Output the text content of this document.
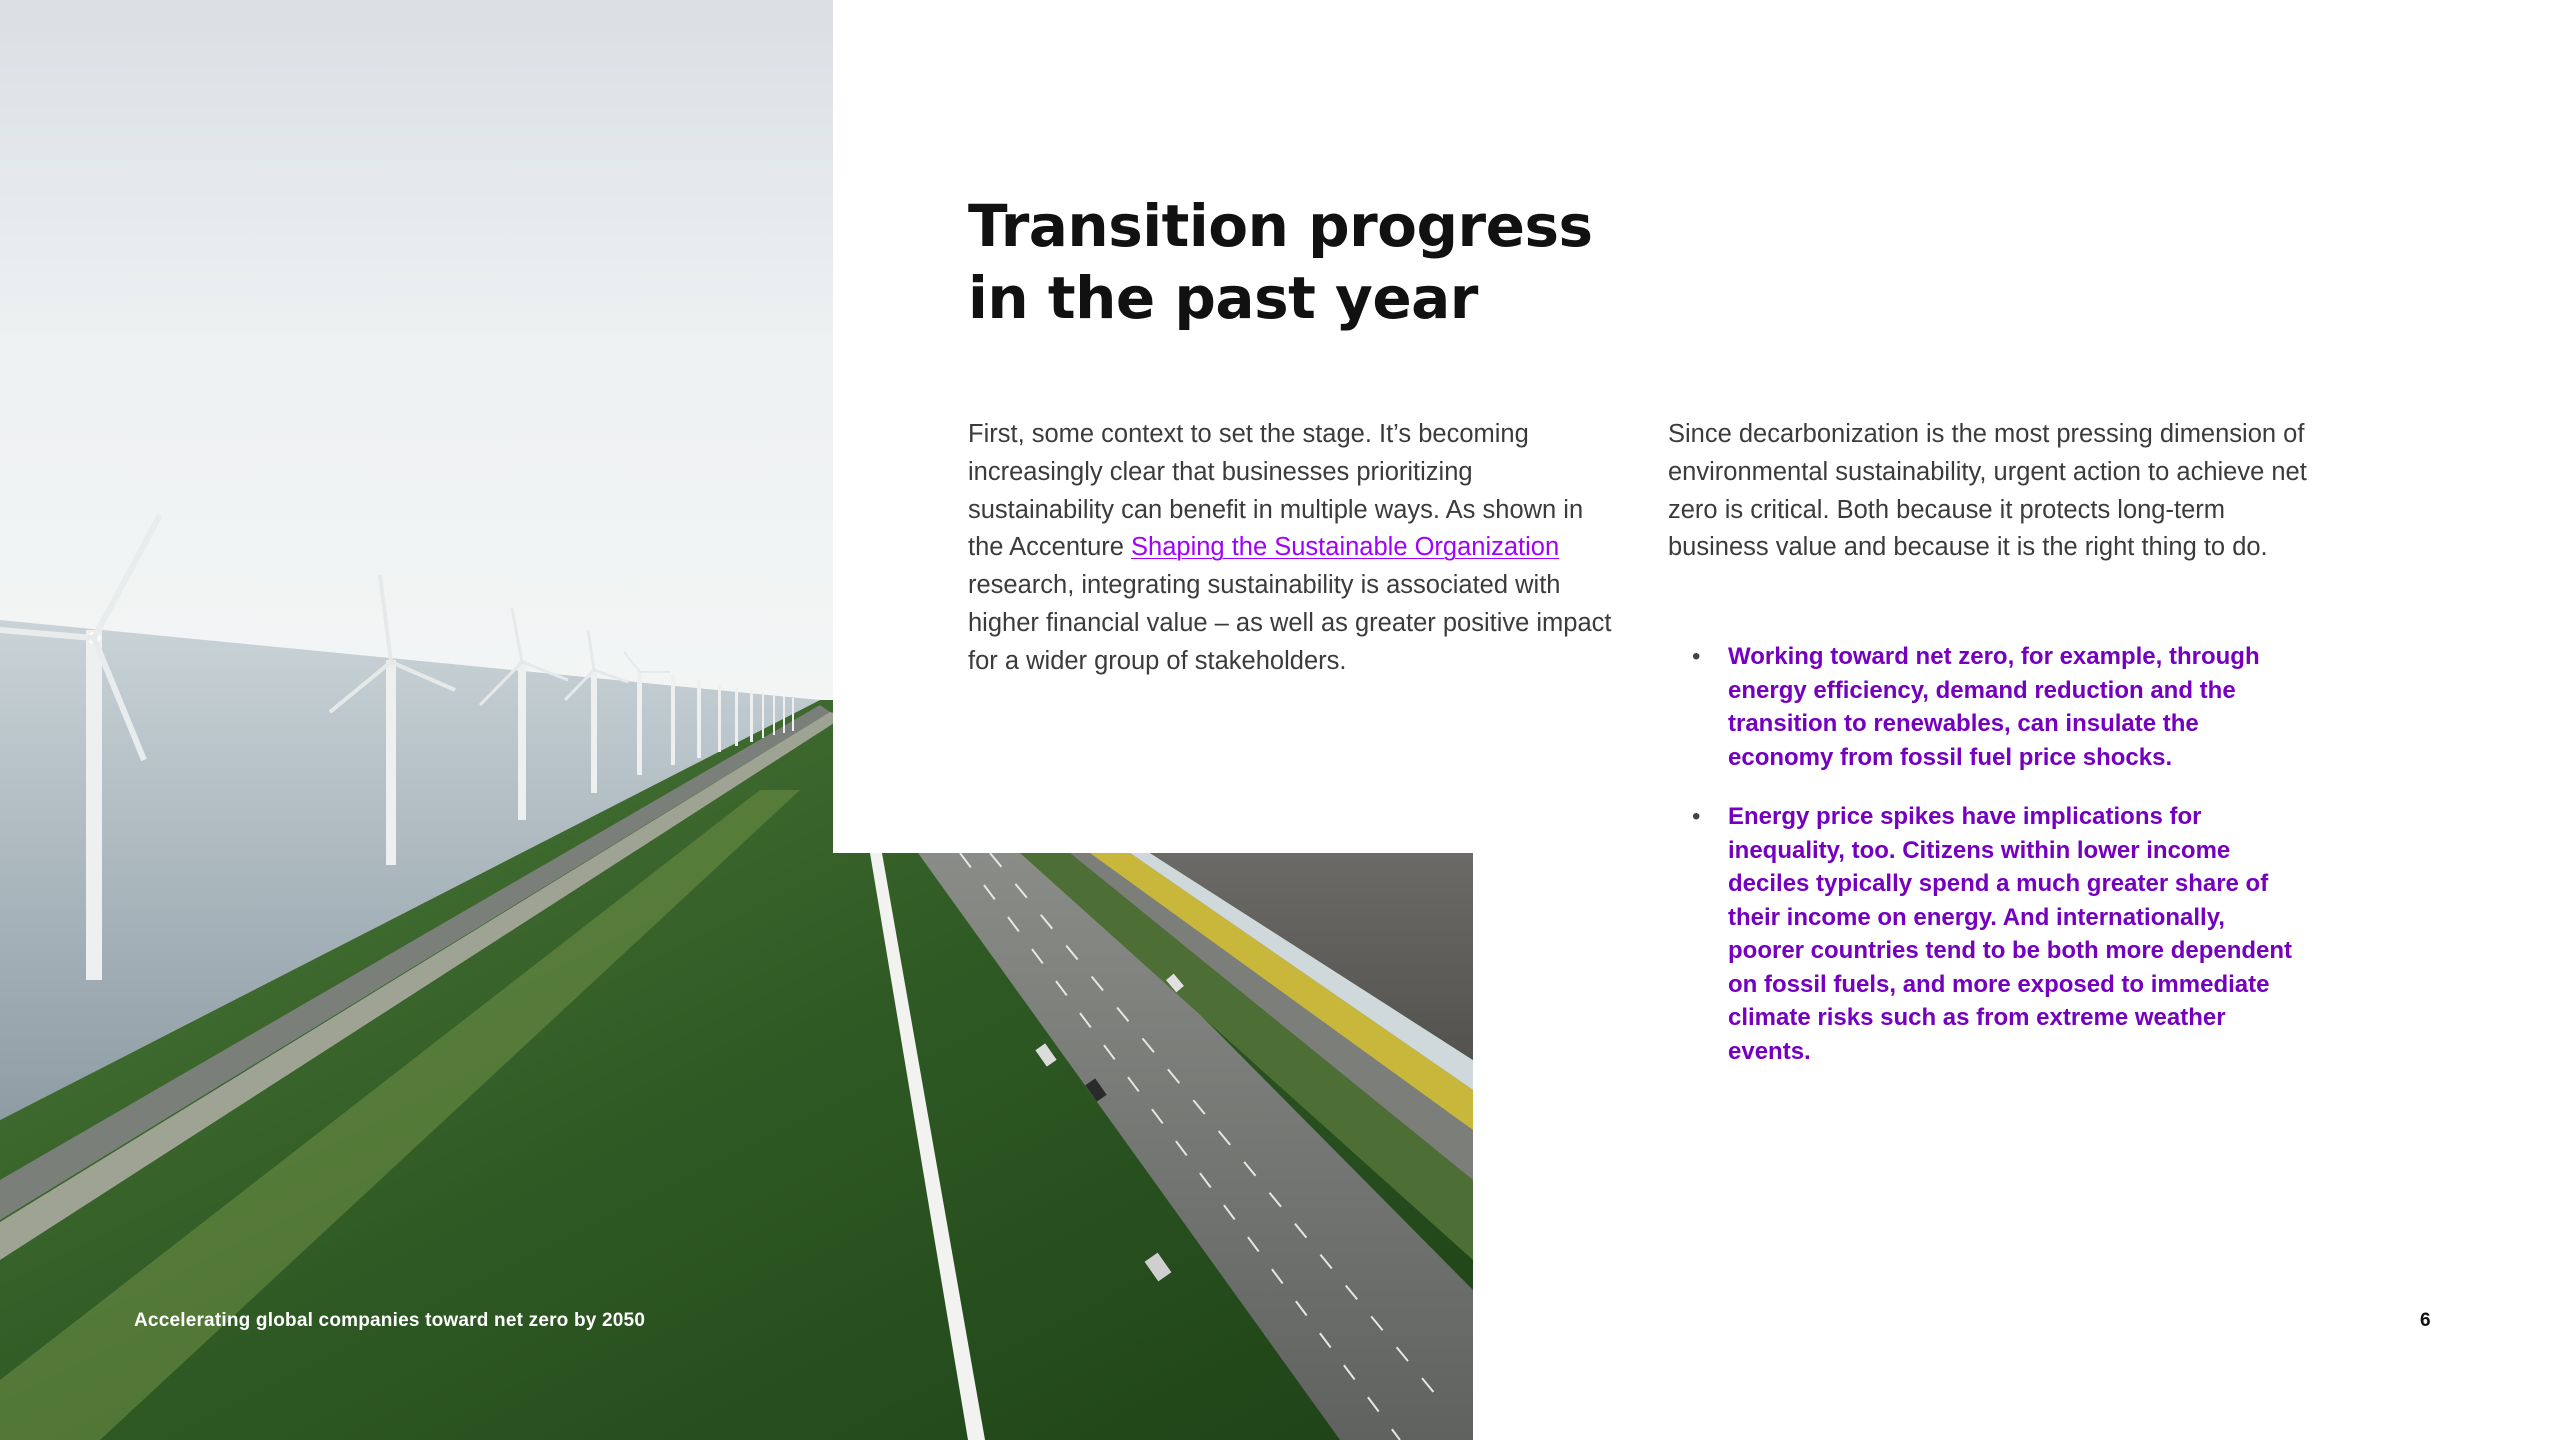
Transition progress
in the past year

First, some context to set the stage. It’s becoming increasingly clear that businesses prioritizing sustainability can benefit in multiple ways. As shown in the Accenture Shaping the Sustainable Organization research, integrating sustainability is associated with higher financial value – as well as greater positive impact for a wider group of stakeholders.

Since decarbonization is the most pressing dimension of environmental sustainability, urgent action to achieve net zero is critical. Both because it protects long-term business value and because it is the right thing to do.

• Working toward net zero, for example, through energy efficiency, demand reduction and the transition to renewables, can insulate the economy from fossil fuel price shocks.
• Energy price spikes have implications for inequality, too. Citizens within lower income deciles typically spend a much greater share of their income on energy. And internationally, poorer countries tend to be both more dependent on fossil fuels, and more exposed to immediate climate risks such as from extreme weather events.
Accelerating global companies toward net zero by 2050	6
